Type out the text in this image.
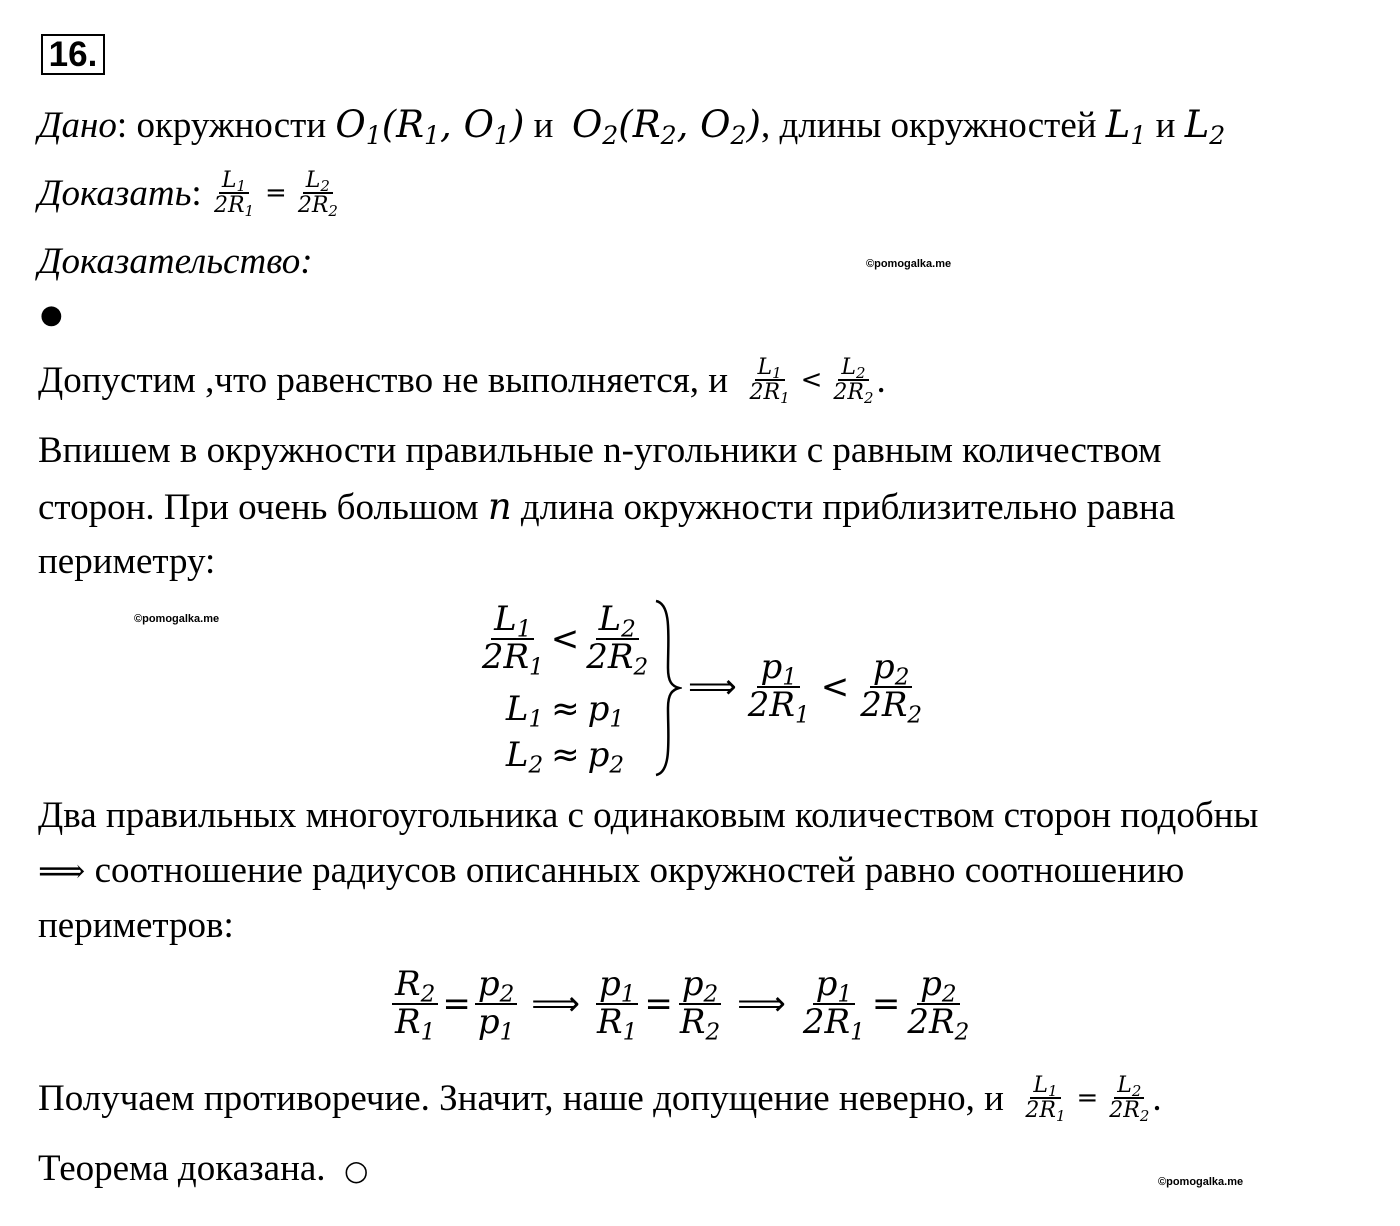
16.
©pomogalka.me
©pomogalka.me
©pomogalka.me
Дано: окружности $O_1(R_1$, $O_1$) и $O_2(R_2$, $O_2$), длины окружностей $L_1$ и $L_2$
Доказать :
$\frac{L_1}{2R_1} = \frac{L_2}{2R_2}$
Доказательство:
●
Допустим ,что равенство не выполняется, и
$\frac{L_1}{2R_1} < \frac{L_2}{2R_2}$ .
Впишем в окружности правильные n-угольники с равным количеством
сторон. При очень большом n длина окружности приблизительно равна
периметру:
$\frac{L_1}{2R_1} < \frac{L_2}{2R_2}$
$L_1 \approx p_1$
$L_2 \approx p_2$
⟹ $\frac{p_1}{2R_1} < \frac{p_2}{2R_2}$
Два правильных многоугольника с одинаковым количеством сторон подобны
⟹ соотношение радиусов описанных окружностей равно соотношению
периметров:
$\frac{R_2}{R_1} = \frac{p_2}{p_1}$ ⟹ $\frac{p_1}{R_1} = \frac{p_2}{R_2}$ ⟹ $\frac{p_1}{2R_1} = \frac{p_2}{2R_2}$
Получаем противоречие. Значит, наше допущение неверно, и
$\frac{L_1}{2R_1} = \frac{L_2}{2R_2}$ .
Теорема доказана. ○
